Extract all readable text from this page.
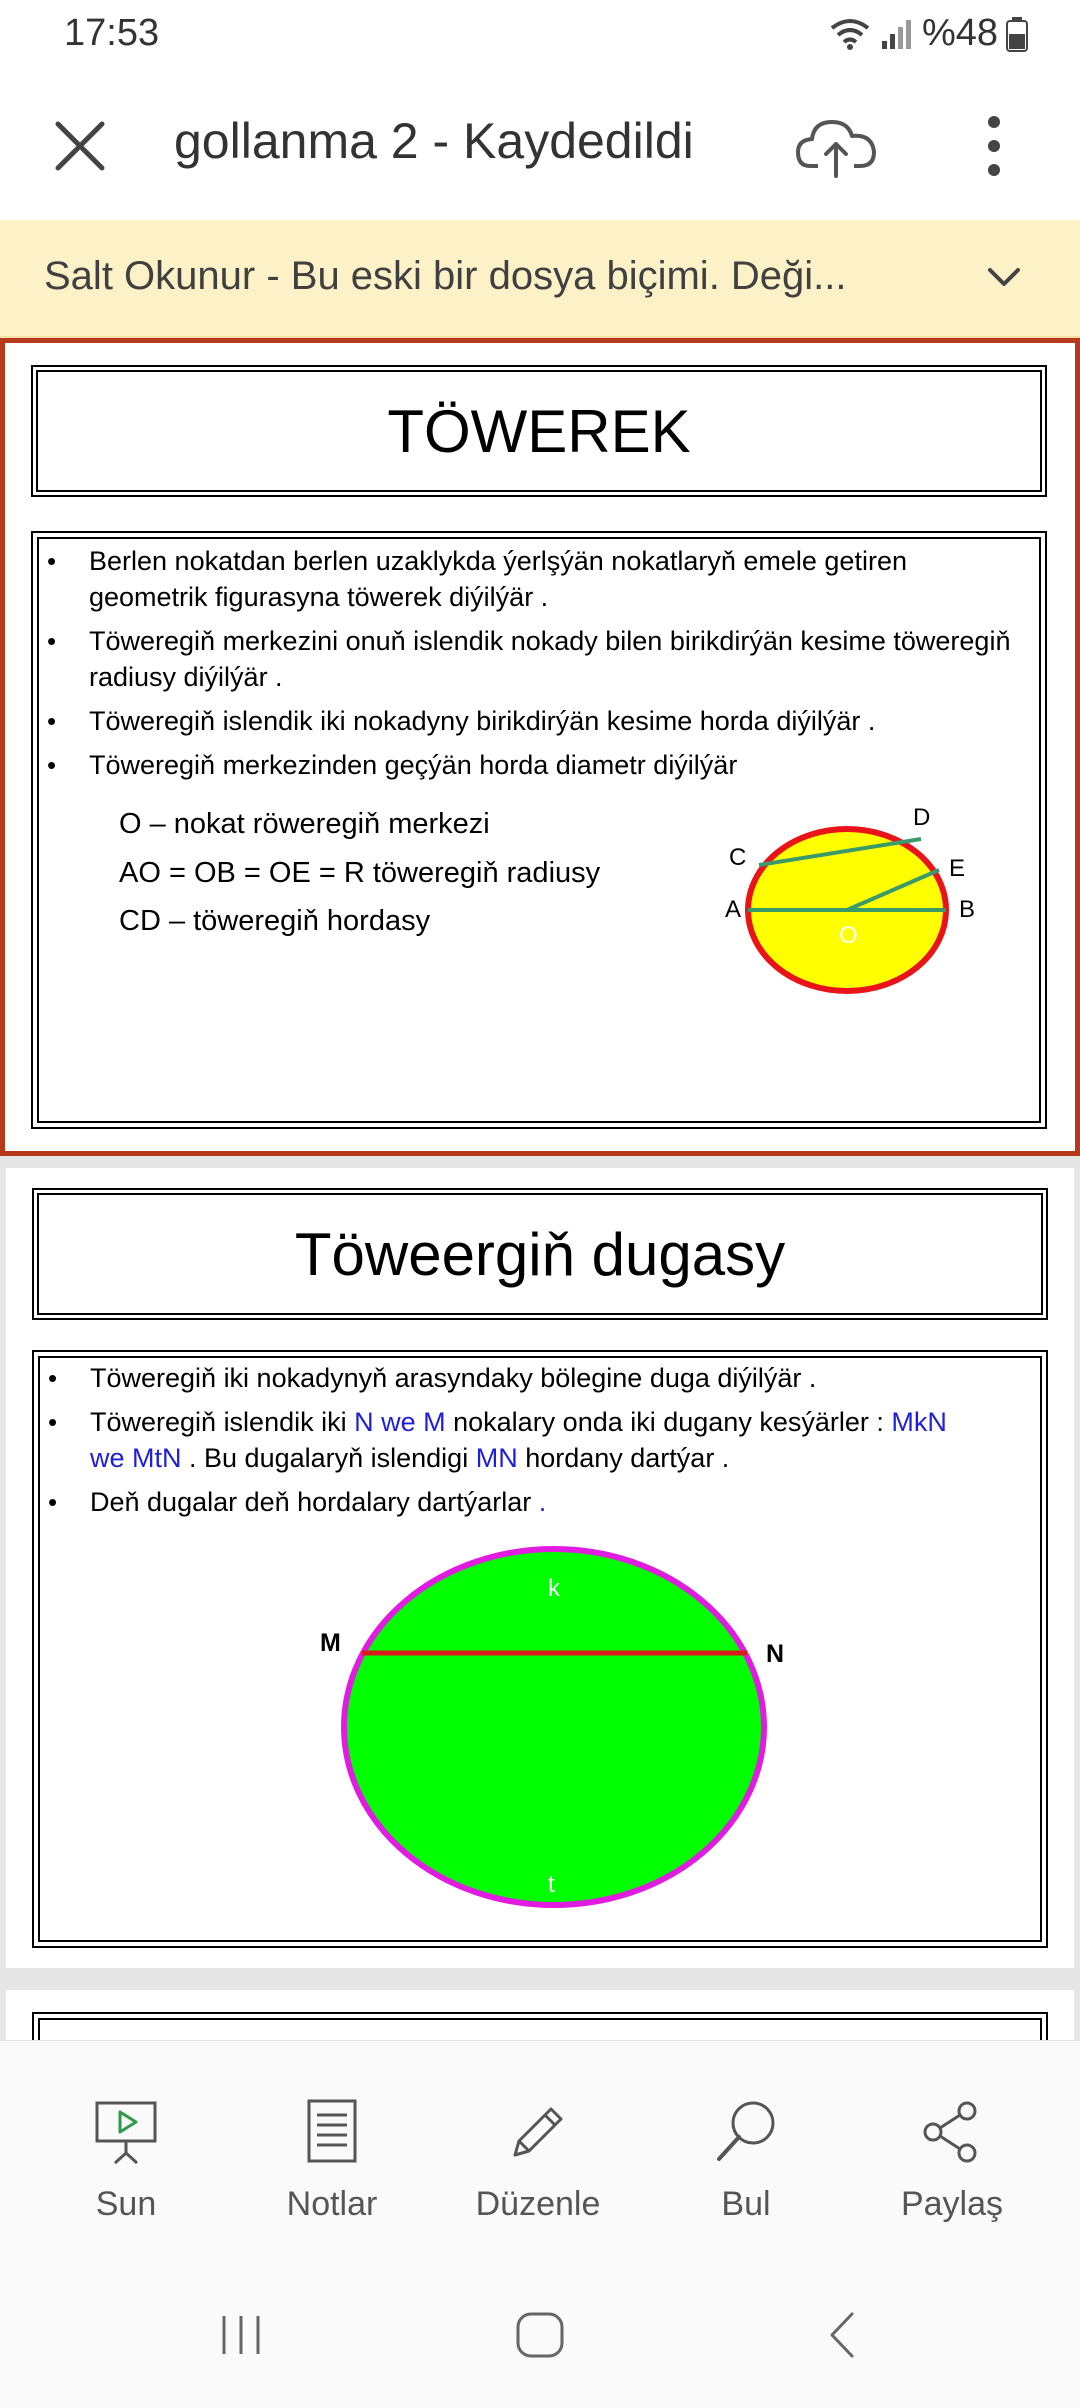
17:53	%48
gollanma 2 - Kaydedildi
Salt Okunur - Bu eski bir dosya biçimi. Deği...
TÖWEREK
• Berlen nokatdan berlen uzaklykda ýerlşýän nokatlaryň emele getiren geometrik figurasyna töwerek diýilýär .
• Töweregiň merkezini onuň islendik nokady bilen birikdirýän kesime töweregiň radiusy diýilýär .
• Töweregiň islendik iki nokadyny birikdirýän kesime horda diýilýär .
• Töweregiň merkezinden geçýän horda diametr diýilýär
O – nokat röweregiň merkezi
AO = OB = OE = R töweregiň radiusy
CD – töweregiň hordasy	A	B
C
D
E
O
Töweergiň dugasy
• Töweregiň iki nokadynyň arasyndaky bölegine duga diýilýär .
• Töweregiň islendik iki N we M nokalary onda iki dugany kesýärler : MkN
we MtN . Bu dugalaryň islendigi MN hordany dartýar .
• Deň dugalar deň hordalary dartýarlar .
M	N
k
t
Sun	Notlar	Düzenle	Bul	Paylaş
